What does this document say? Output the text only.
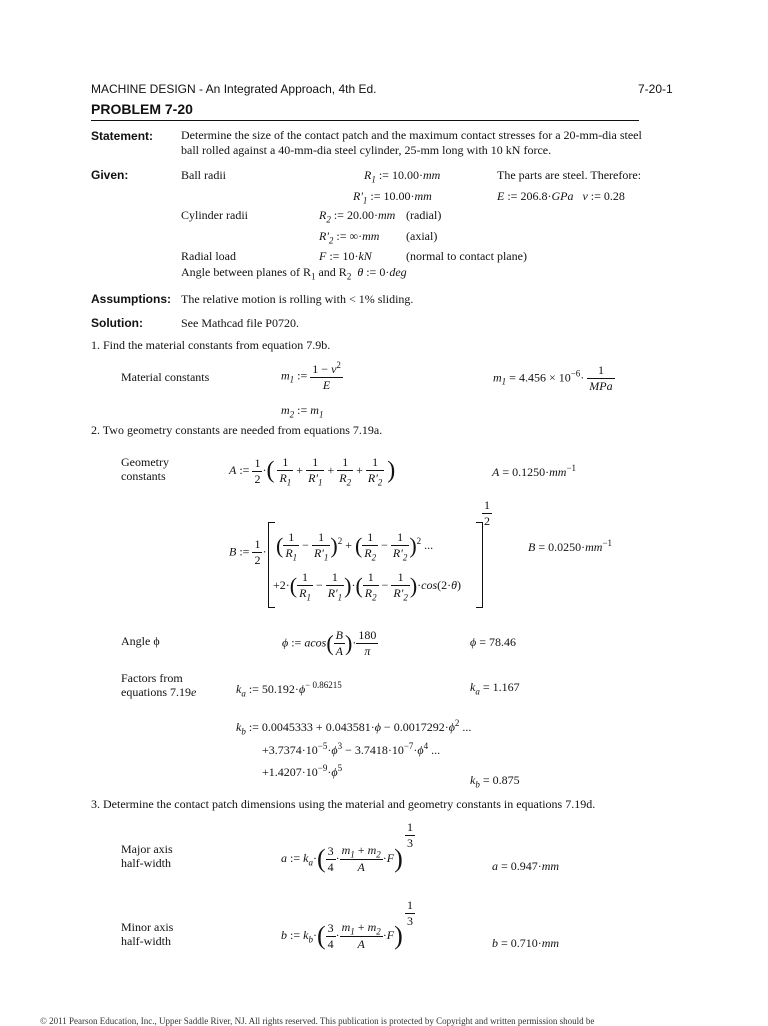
MACHINE DESIGN - An Integrated Approach, 4th Ed.	7-20-1
PROBLEM 7-20
Statement: Determine the size of the contact patch and the maximum contact stresses for a 20-mm-dia steel
ball rolled against a 40-mm-dia steel cylinder, 25-mm long with 10 kN force.
Given:	Ball radii	$R_1$ := 10.00·mm	The parts are steel. Therefore:
$R'_1$ := 10.00·mm	E := 206.8·GPa ν := 0.28
Cylinder radii	$R_2$ := 20.00·mm (radial)
$R'_2$ := ∞·mm (axial)
Radial load	F := 10·kN	(normal to contact plane)
Angle between planes of $R_1$ and $R_2$ θ := 0·deg
Assumptions: The relative motion is rolling with < 1% sliding.
Solution:	See Mathcad file P0720.
1. Find the material constants from equation 7.9b.
Material constants	$m_1$ := $\frac{1 - \nu^2}{E}$	$m_1 = 4.456 \times 10^{-6}\cdot \frac{1}{\text{MPa}}$
$m_2$ := $m_1$
2. Two geometry constants are needed from equations 7.19a.
Geometry
constants	A := $\frac{1}{2}$ ·( $\frac{1}{R_1} + \frac{1}{R'_1} + \frac{1}{R_2} + \frac{1}{R'_2}$ )	$A = 0.1250\cdot mm^{-1}$
$\frac{1}{2}$
B := $\frac{1}{2}$ · ( $\frac{1}{R_1} - \frac{1}{R'_1} )^2$ + ( $\frac{1}{R_2} - \frac{1}{R'_2} )^2$ ...
$+2\cdot( \frac{1}{R_1} - \frac{1}{R'_1}$ )·( $\frac{1}{R_2} - \frac{1}{R'_2} )\cdot\cos(2\cdot\theta)$
$B = 0.0250\cdot mm^{-1}$
Angle ϕ	ϕ := $acos( \frac{B}{A}$ )· $\frac{180}{\pi}$	ϕ = 78.46
Factors from
equations 7.19e	$k_a$ := $50.192\cdot\phi^{- 0.86215}$	$k_a = 1.167$
$k_b$ := $0.0045333 + 0.043581\cdot\phi - 0.0017292\cdot\phi^2$ ...
$+3.7374\cdot 10^{-5}\cdot\phi^3 - 3.7418\cdot 10^{-7}\cdot\phi^4$ ...
$+1.4207\cdot 10^{-9}\cdot\phi^5$
$k_b = 0.875$
3. Determine the contact patch dimensions using the material and geometry constants in equations 7.19d.
Major axis
half-width	a := $k_a\cdot( \frac{3}{4} \cdot \frac{m_1 + m_2}{A} \cdot F)$
$\frac{1}{3}$
a = 0.947·mm
Minor axis
half-width	b := $k_b\cdot( \frac{3}{4} \cdot \frac{m_1 + m_2}{A} \cdot F)$
$\frac{1}{3}$
b = 0.710·mm
© 2011 Pearson Education, Inc., Upper Saddle River, NJ. All rights reserved. This publication is protected by Copyright and written permission should be
